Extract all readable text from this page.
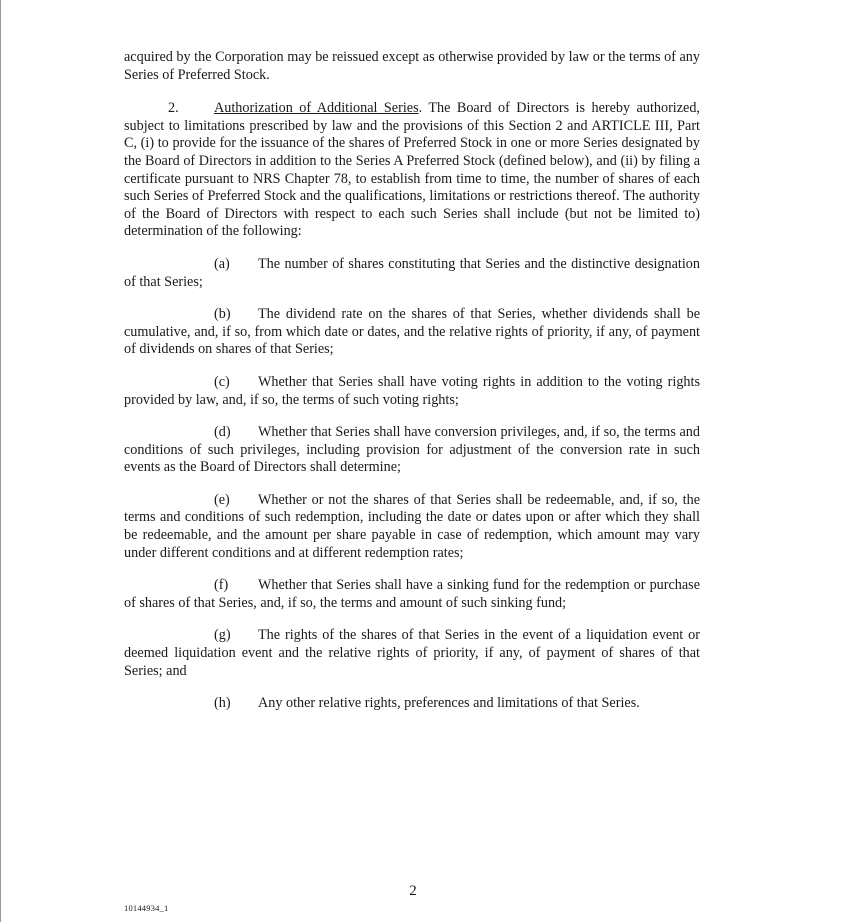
acquired by the Corporation may be reissued except as otherwise provided by law or the terms of any Series of Preferred Stock.

2. Authorization of Additional Series. The Board of Directors is hereby authorized, subject to limitations prescribed by law and the provisions of this Section 2 and ARTICLE III, Part C, (i) to provide for the issuance of the shares of Preferred Stock in one or more Series designated by the Board of Directors in addition to the Series A Preferred Stock (defined below), and (ii) by filing a certificate pursuant to NRS Chapter 78, to establish from time to time, the number of shares of each such Series of Preferred Stock and the qualifications, limitations or restrictions thereof. The authority of the Board of Directors with respect to each such Series shall include (but not be limited to) determination of the following:

(a) The number of shares constituting that Series and the distinctive designation of that Series;

(b) The dividend rate on the shares of that Series, whether dividends shall be cumulative, and, if so, from which date or dates, and the relative rights of priority, if any, of payment of dividends on shares of that Series;

(c) Whether that Series shall have voting rights in addition to the voting rights provided by law, and, if so, the terms of such voting rights;

(d) Whether that Series shall have conversion privileges, and, if so, the terms and conditions of such privileges, including provision for adjustment of the conversion rate in such events as the Board of Directors shall determine;

(e) Whether or not the shares of that Series shall be redeemable, and, if so, the terms and conditions of such redemption, including the date or dates upon or after which they shall be redeemable, and the amount per share payable in case of redemption, which amount may vary under different conditions and at different redemption rates;

(f) Whether that Series shall have a sinking fund for the redemption or purchase of shares of that Series, and, if so, the terms and amount of such sinking fund;

(g) The rights of the shares of that Series in the event of a liquidation event or deemed liquidation event and the relative rights of priority, if any, of payment of shares of that Series; and

(h) Any other relative rights, preferences and limitations of that Series.

2
10144934_1
